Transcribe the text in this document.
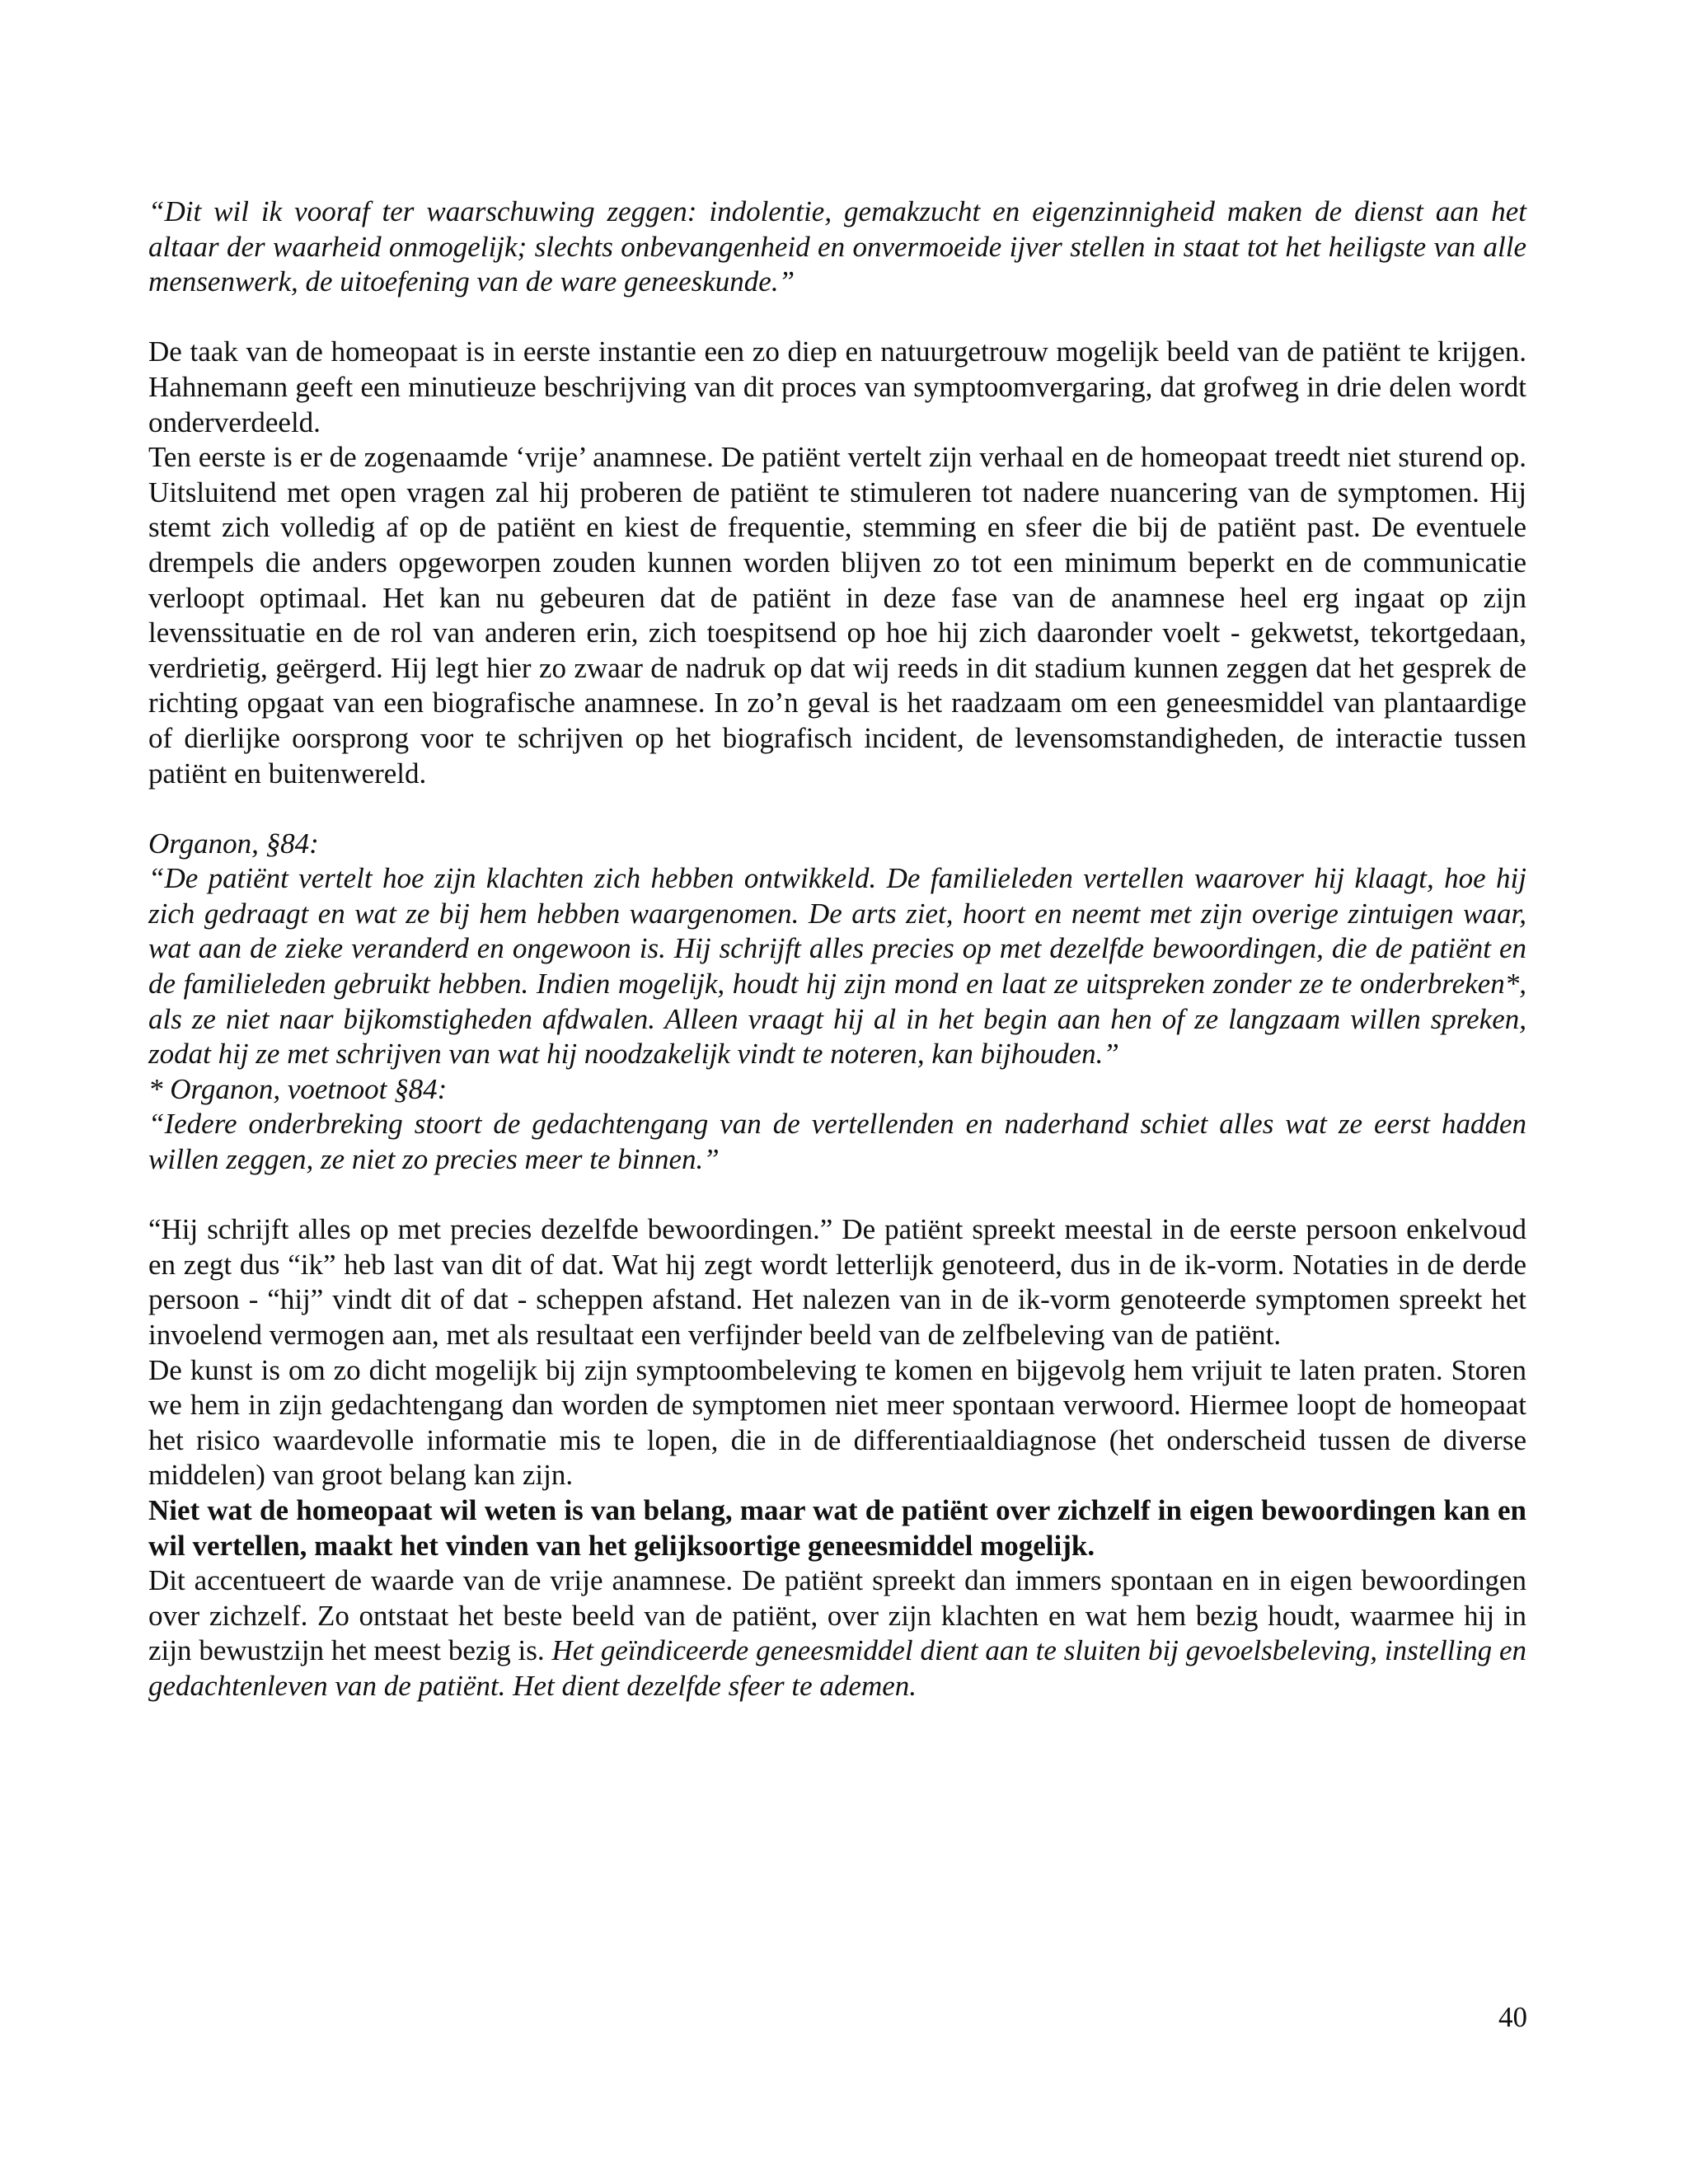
“Dit wil ik vooraf ter waarschuwing zeggen: indolentie, gemakzucht en eigenzinnigheid maken de dienst aan het altaar der waarheid onmogelijk; slechts onbevangenheid en onvermoeide ijver stellen in staat tot het heiligste van alle mensenwerk, de uitoefening van de ware geneeskunde.”

De taak van de homeopaat is in eerste instantie een zo diep en natuurgetrouw mogelijk beeld van de patiënt te krijgen. Hahnemann geeft een minutieuze beschrijving van dit proces van symptoomvergaring, dat grofweg in drie delen wordt onderverdeeld.

Ten eerste is er de zogenaamde ‘vrije’ anamnese. De patiënt vertelt zijn verhaal en de homeopaat treedt niet sturend op. Uitsluitend met open vragen zal hij proberen de patiënt te stimuleren tot nadere nuancering van de symptomen. Hij stemt zich volledig af op de patiënt en kiest de frequentie, stemming en sfeer die bij de patiënt past. De eventuele drempels die anders opgeworpen zouden kunnen worden blijven zo tot een minimum beperkt en de communicatie verloopt optimaal. Het kan nu gebeuren dat de patiënt in deze fase van de anamnese heel erg ingaat op zijn levenssituatie en de rol van anderen erin, zich toespitsend op hoe hij zich daaronder voelt - gekwetst, tekortgedaan, verdrietig, geërgerd. Hij legt hier zo zwaar de nadruk op dat wij reeds in dit stadium kunnen zeggen dat het gesprek de richting opgaat van een biografische anamnese. In zo’n geval is het raadzaam om een geneesmiddel van plantaardige of dierlijke oorsprong voor te schrijven op het biografisch incident, de levensomstandigheden, de interactie tussen patiënt en buitenwereld.

Organon, §84:

“De patiënt vertelt hoe zijn klachten zich hebben ontwikkeld. De familieleden vertellen waarover hij klaagt, hoe hij zich gedraagt en wat ze bij hem hebben waargenomen. De arts ziet, hoort en neemt met zijn overige zintuigen waar, wat aan de zieke veranderd en ongewoon is. Hij schrijft alles precies op met dezelfde bewoordingen, die de patiënt en de familieleden gebruikt hebben. Indien mogelijk, houdt hij zijn mond en laat ze uitspreken zonder ze te onderbreken*, als ze niet naar bijkomstigheden afdwalen. Alleen vraagt hij al in het begin aan hen of ze langzaam willen spreken, zodat hij ze met schrijven van wat hij noodzakelijk vindt te noteren, kan bijhouden.”

* Organon, voetnoot §84:

“Iedere onderbreking stoort de gedachtengang van de vertellenden en naderhand schiet alles wat ze eerst hadden willen zeggen, ze niet zo precies meer te binnen.”

“Hij schrijft alles op met precies dezelfde bewoordingen.” De patiënt spreekt meestal in de eerste persoon enkelvoud en zegt dus “ik” heb last van dit of dat. Wat hij zegt wordt letterlijk genoteerd, dus in de ik-vorm. Notaties in de derde persoon - “hij” vindt dit of dat - scheppen afstand. Het nalezen van in de ik-vorm genoteerde symptomen spreekt het invoelend vermogen aan, met als resultaat een verfijnder beeld van de zelfbeleving van de patiënt.

De kunst is om zo dicht mogelijk bij zijn symptoombeleving te komen en bijgevolg hem vrijuit te laten praten. Storen we hem in zijn gedachtengang dan worden de symptomen niet meer spontaan verwoord. Hiermee loopt de homeopaat het risico waardevolle informatie mis te lopen, die in de differentiaaldiagnose (het onderscheid tussen de diverse middelen) van groot belang kan zijn.

Niet wat de homeopaat wil weten is van belang, maar wat de patiënt over zichzelf in eigen bewoordingen kan en wil vertellen, maakt het vinden van het gelijksoortige geneesmiddel mogelijk.

Dit accentueert de waarde van de vrije anamnese. De patiënt spreekt dan immers spontaan en in eigen bewoordingen over zichzelf. Zo ontstaat het beste beeld van de patiënt, over zijn klachten en wat hem bezig houdt, waarmee hij in zijn bewustzijn het meest bezig is. Het geïndiceerde geneesmiddel dient aan te sluiten bij gevoelsbeleving, instelling en gedachtenleven van de patiënt. Het dient dezelfde sfeer te ademen.

40
